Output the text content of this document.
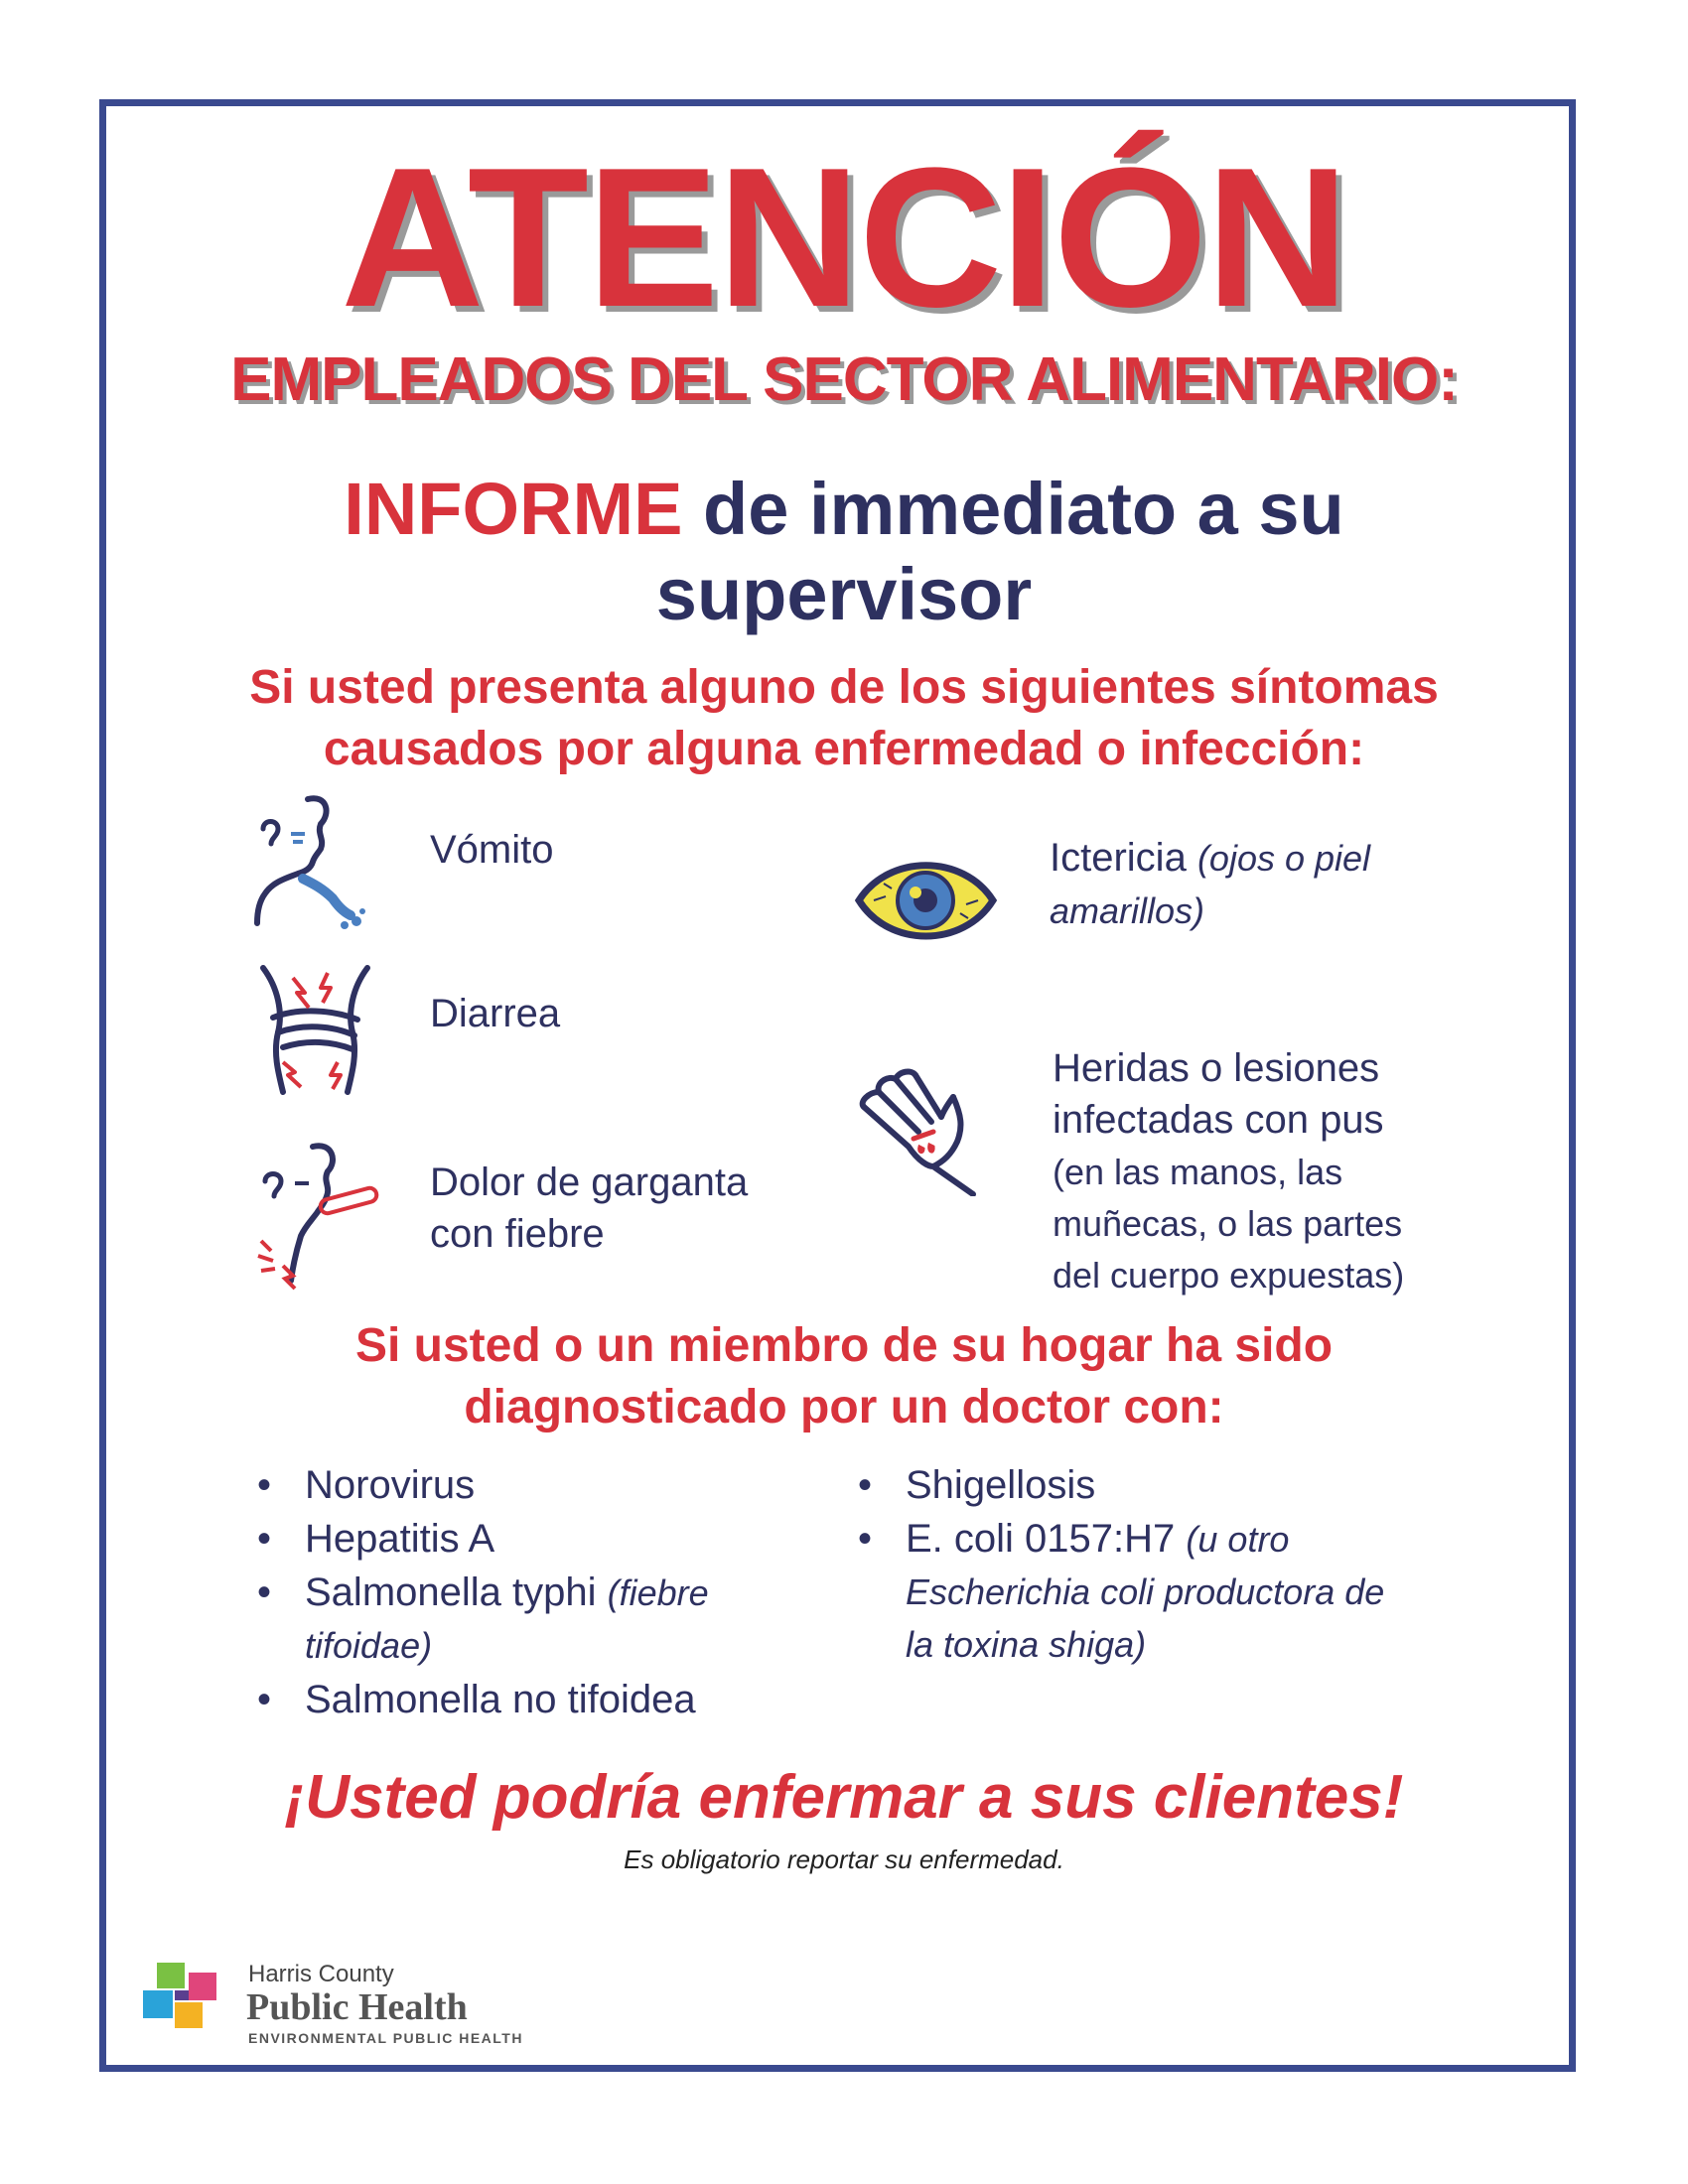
ATENCIÓN
EMPLEADOS DEL SECTOR ALIMENTARIO:
INFORME de immediato a su
supervisor
Si usted presenta alguno de los siguientes síntomas
causados por alguna enfermedad o infección:
Vómito
Diarrea
Dolor de garganta
con fiebre
Ictericia (ojos o piel
amarillos)
Heridas o lesiones
infectadas con pus
(en las manos, las
muñecas, o las partes
del cuerpo expuestas)
Si usted o un miembro de su hogar ha sido
diagnosticado por un doctor con:
• Norovirus
• Hepatitis A
• Salmonella typhi (fiebre
tifoidae)
• Salmonella no tifoidea
• Shigellosis
• E. coli 0157:H7 (u otro
Escherichia coli productora de
la toxina shiga)
¡Usted podría enfermar a sus clientes!
Es obligatorio reportar su enfermedad.
Harris County
Public Health
ENVIRONMENTAL PUBLIC HEALTH
